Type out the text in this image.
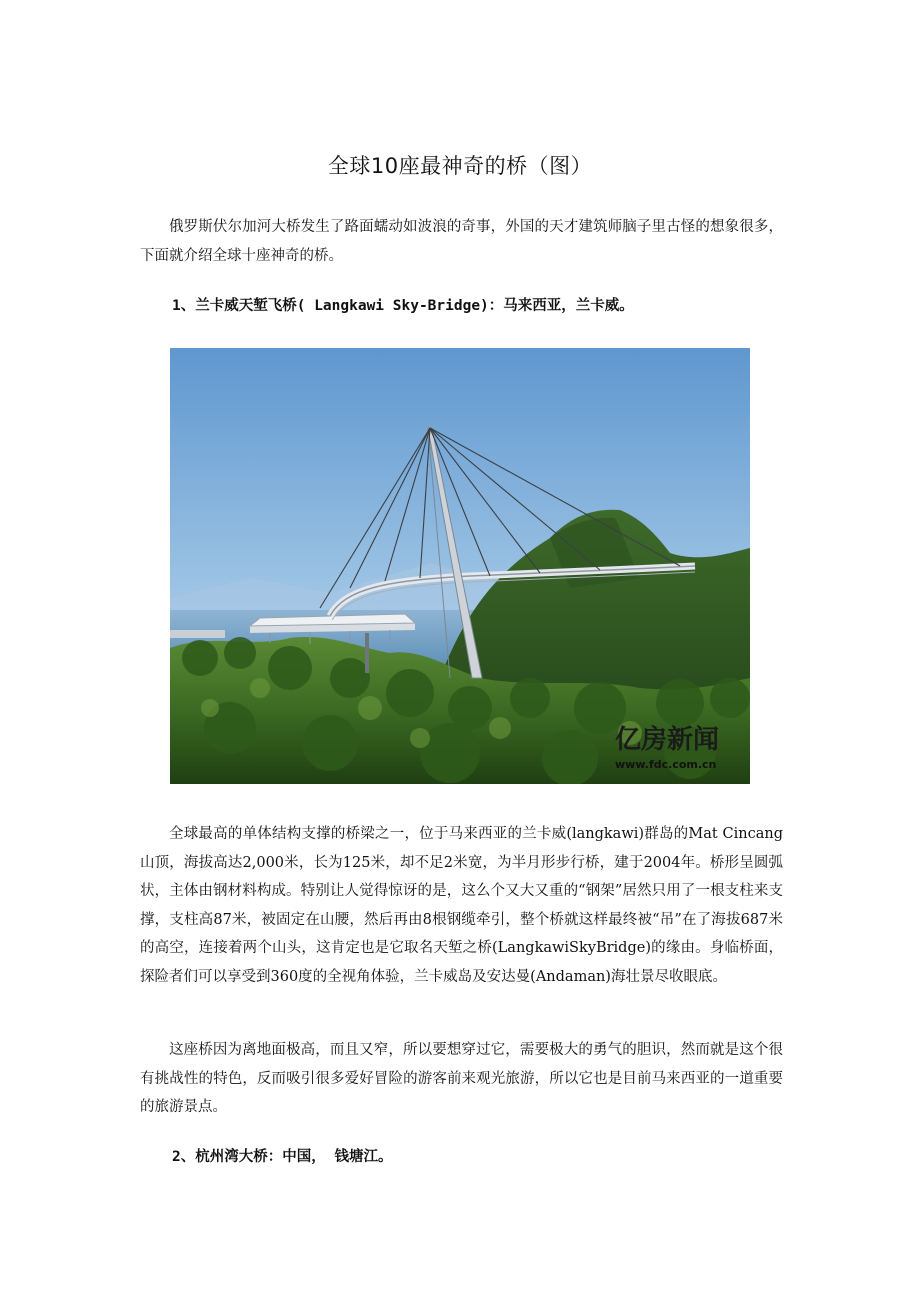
全球10座最神奇的桥（图）

俄罗斯伏尔加河大桥发生了路面蠕动如波浪的奇事，外国的天才建筑师脑子里古怪的想象很多，下面就介绍全球十座神奇的桥。

1、兰卡威天堑飞桥( Langkawi Sky-Bridge)：马来西亚，兰卡威。

亿房新闻
www.fdc.com.cn

全球最高的单体结构支撑的桥梁之一，位于马来西亚的兰卡威(langkawi)群岛的Mat Cincang山顶，海拔高达2,000米，长为125米，却不足2米宽，为半月形步行桥，建于2004年。桥形呈圆弧状，主体由钢材料构成。特别让人觉得惊讶的是，这么个又大又重的“钢架”居然只用了一根支柱来支撑，支柱高87米，被固定在山腰，然后再由8根钢缆牵引，整个桥就这样最终被“吊”在了海拔687米的高空，连接着两个山头，这肯定也是它取名天堑之桥(LangkawiSkyBridge)的缘由。身临桥面，探险者们可以享受到360度的全视角体验，兰卡威岛及安达曼(Andaman)海壮景尽收眼底。

这座桥因为离地面极高，而且又窄，所以要想穿过它，需要极大的勇气的胆识，然而就是这个很有挑战性的特色，反而吸引很多爱好冒险的游客前来观光旅游，所以它也是目前马来西亚的一道重要的旅游景点。

2、杭州湾大桥：中国， 钱塘江。
